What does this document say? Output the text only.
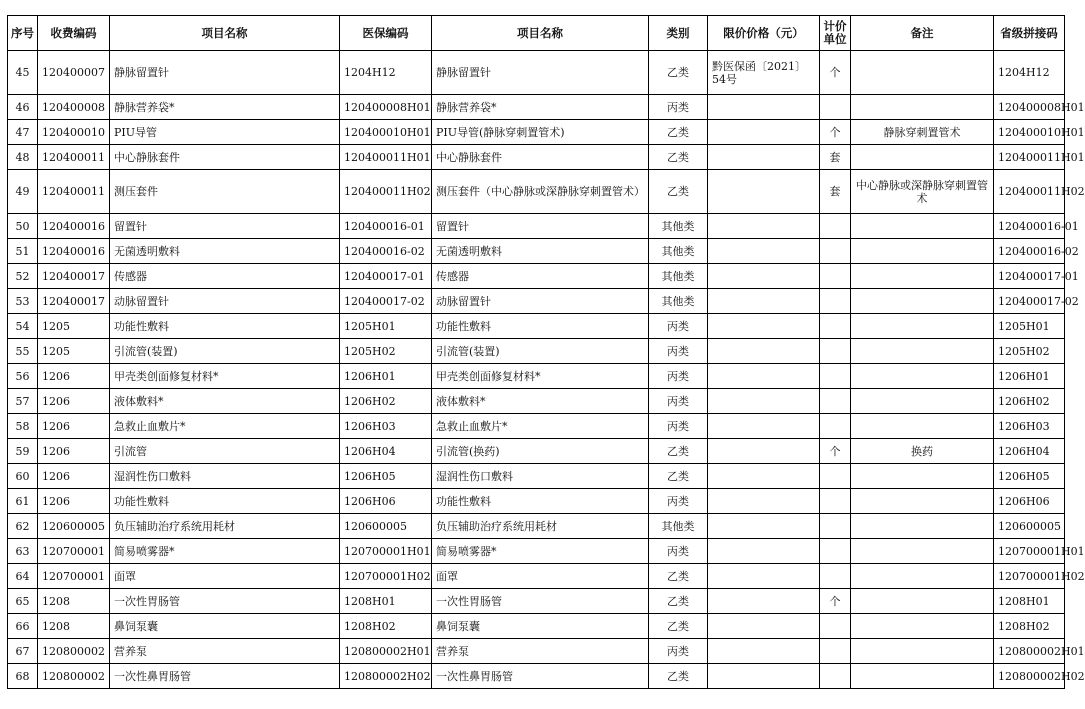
序号	收费编码	项目名称	医保编码	项目名称	类别	限价价格（元）	计价单位	备注	省级拼接码
45	120400007	静脉留置针	1204H12	静脉留置针	乙类	黔医保函〔2021〕54号	个		1204H12
46	120400008	静脉营养袋*	120400008H01	静脉营养袋*	丙类				120400008H01
47	120400010	PIU导管	120400010H01	PIU导管(静脉穿刺置管术)	乙类		个	静脉穿刺置管术	120400010H01
48	120400011	中心静脉套件	120400011H01	中心静脉套件	乙类		套		120400011H01
49	120400011	测压套件	120400011H02	测压套件（中心静脉或深静脉穿刺置管术）	乙类		套	中心静脉或深静脉穿刺置管术	120400011H02
50	120400016	留置针	120400016-01	留置针	其他类				120400016-01
51	120400016	无菌透明敷料	120400016-02	无菌透明敷料	其他类				120400016-02
52	120400017	传感器	120400017-01	传感器	其他类				120400017-01
53	120400017	动脉留置针	120400017-02	动脉留置针	其他类				120400017-02
54	1205	功能性敷料	1205H01	功能性敷料	丙类				1205H01
55	1205	引流管(装置)	1205H02	引流管(装置)	丙类				1205H02
56	1206	甲壳类创面修复材料*	1206H01	甲壳类创面修复材料*	丙类				1206H01
57	1206	液体敷料*	1206H02	液体敷料*	丙类				1206H02
58	1206	急救止血敷片*	1206H03	急救止血敷片*	丙类				1206H03
59	1206	引流管	1206H04	引流管(换药)	乙类		个	换药	1206H04
60	1206	湿润性伤口敷料	1206H05	湿润性伤口敷料	乙类				1206H05
61	1206	功能性敷料	1206H06	功能性敷料	丙类				1206H06
62	120600005	负压辅助治疗系统用耗材	120600005	负压辅助治疗系统用耗材	其他类				120600005
63	120700001	简易喷雾器*	120700001H01	简易喷雾器*	丙类				120700001H01
64	120700001	面罩	120700001H02	面罩	乙类				120700001H02
65	1208	一次性胃肠管	1208H01	一次性胃肠管	乙类		个		1208H01
66	1208	鼻饲泵囊	1208H02	鼻饲泵囊	乙类				1208H02
67	120800002	营养泵	120800002H01	营养泵	丙类				120800002H01
68	120800002	一次性鼻胃肠管	120800002H02	一次性鼻胃肠管	乙类				120800002H02
